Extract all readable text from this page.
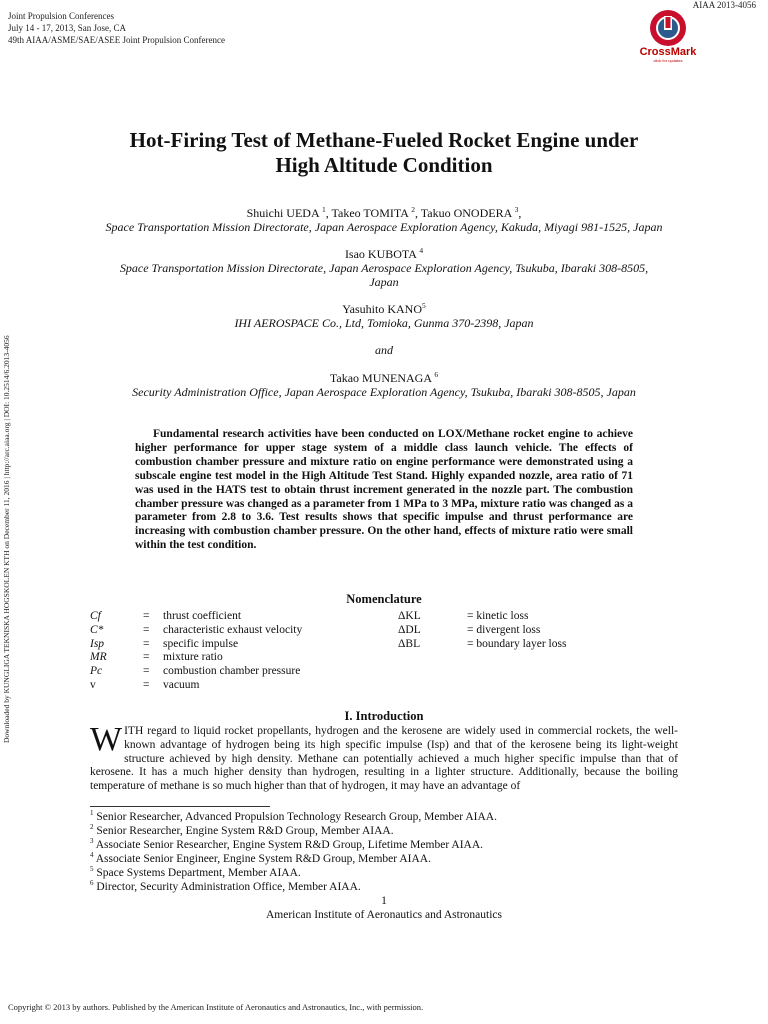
Joint Propulsion Conferences
July 14 - 17, 2013, San Jose, CA
49th AIAA/ASME/SAE/ASEE Joint Propulsion Conference
AIAA 2013-4056
CrossMark
click for updates
Downloaded by KUNGLIGA TEKNISKA HOGSKOLEN KTH on December 11, 2016 | http://arc.aiaa.org | DOI: 10.2514/6.2013-4056
Hot-Firing Test of Methane-Fueled Rocket Engine under
High Altitude Condition
Shuichi UEDA $^1$, Takeo TOMITA $^2$, Takuo ONODERA $^3$,
Space Transportation Mission Directorate, Japan Aerospace Exploration Agency, Kakuda, Miyagi 981-1525, Japan
Isao KUBOTA $^4$
Space Transportation Mission Directorate, Japan Aerospace Exploration Agency, Tsukuba, Ibaraki 308-8505, Japan
Yasuhito KANO$^5$
IHI AEROSPACE Co., Ltd, Tomioka, Gunma 370-2398, Japan
and
Takao MUNENAGA $^6$
Security Administration Office, Japan Aerospace Exploration Agency, Tsukuba, Ibaraki 308-8505, Japan

Fundamental research activities have been conducted on LOX/Methane rocket engine to achieve higher performance for upper stage system of a middle class launch vehicle. The effects of combustion chamber pressure and mixture ratio on engine performance were demonstrated using a subscale engine test model in the High Altitude Test Stand. Highly expanded nozzle, area ratio of 71 was used in the HATS test to obtain thrust increment generated in the nozzle part. The combustion chamber pressure was changed as a parameter from 1 MPa to 3 MPa, mixture ratio was changed as a parameter from 2.8 to 3.6. Test results shows that specific impulse and thrust performance are increasing with combustion chamber pressure. On the other hand, effects of mixture ratio were small within the test condition.

Nomenclature
Cf	= thrust coefficient	ΔKL	= kinetic loss
C*	= characteristic exhaust velocity	ΔDL	= divergent loss
Isp	= specific impulse	ΔBL	= boundary layer loss
MR	= mixture ratio
Pc	= combustion chamber pressure
v	= vacuum
I. Introduction
WITH regard to liquid rocket propellants, hydrogen and the kerosene are widely used in commercial rockets, the well-known advantage of hydrogen being its high specific impulse (Isp) and that of the kerosene being its light-weight structure achieved by high density. Methane can potentially achieved a much higher specific impulse than that of kerosene. It has a much higher density than hydrogen, resulting in a lighter structure. Additionally, because the boiling temperature of methane is so much higher than that of hydrogen, it may have an advantage of
$^1$ Senior Researcher, Advanced Propulsion Technology Research Group, Member AIAA.
$^2$ Senior Researcher, Engine System R&D Group, Member AIAA.
$^3$ Associate Senior Researcher, Engine System R&D Group, Lifetime Member AIAA.
$^4$ Associate Senior Engineer, Engine System R&D Group, Member AIAA.
$^5$ Space Systems Department, Member AIAA.
$^6$ Director, Security Administration Office, Member AIAA.
1
American Institute of Aeronautics and Astronautics
Copyright © 2013 by authors. Published by the American Institute of Aeronautics and Astronautics, Inc., with permission.
